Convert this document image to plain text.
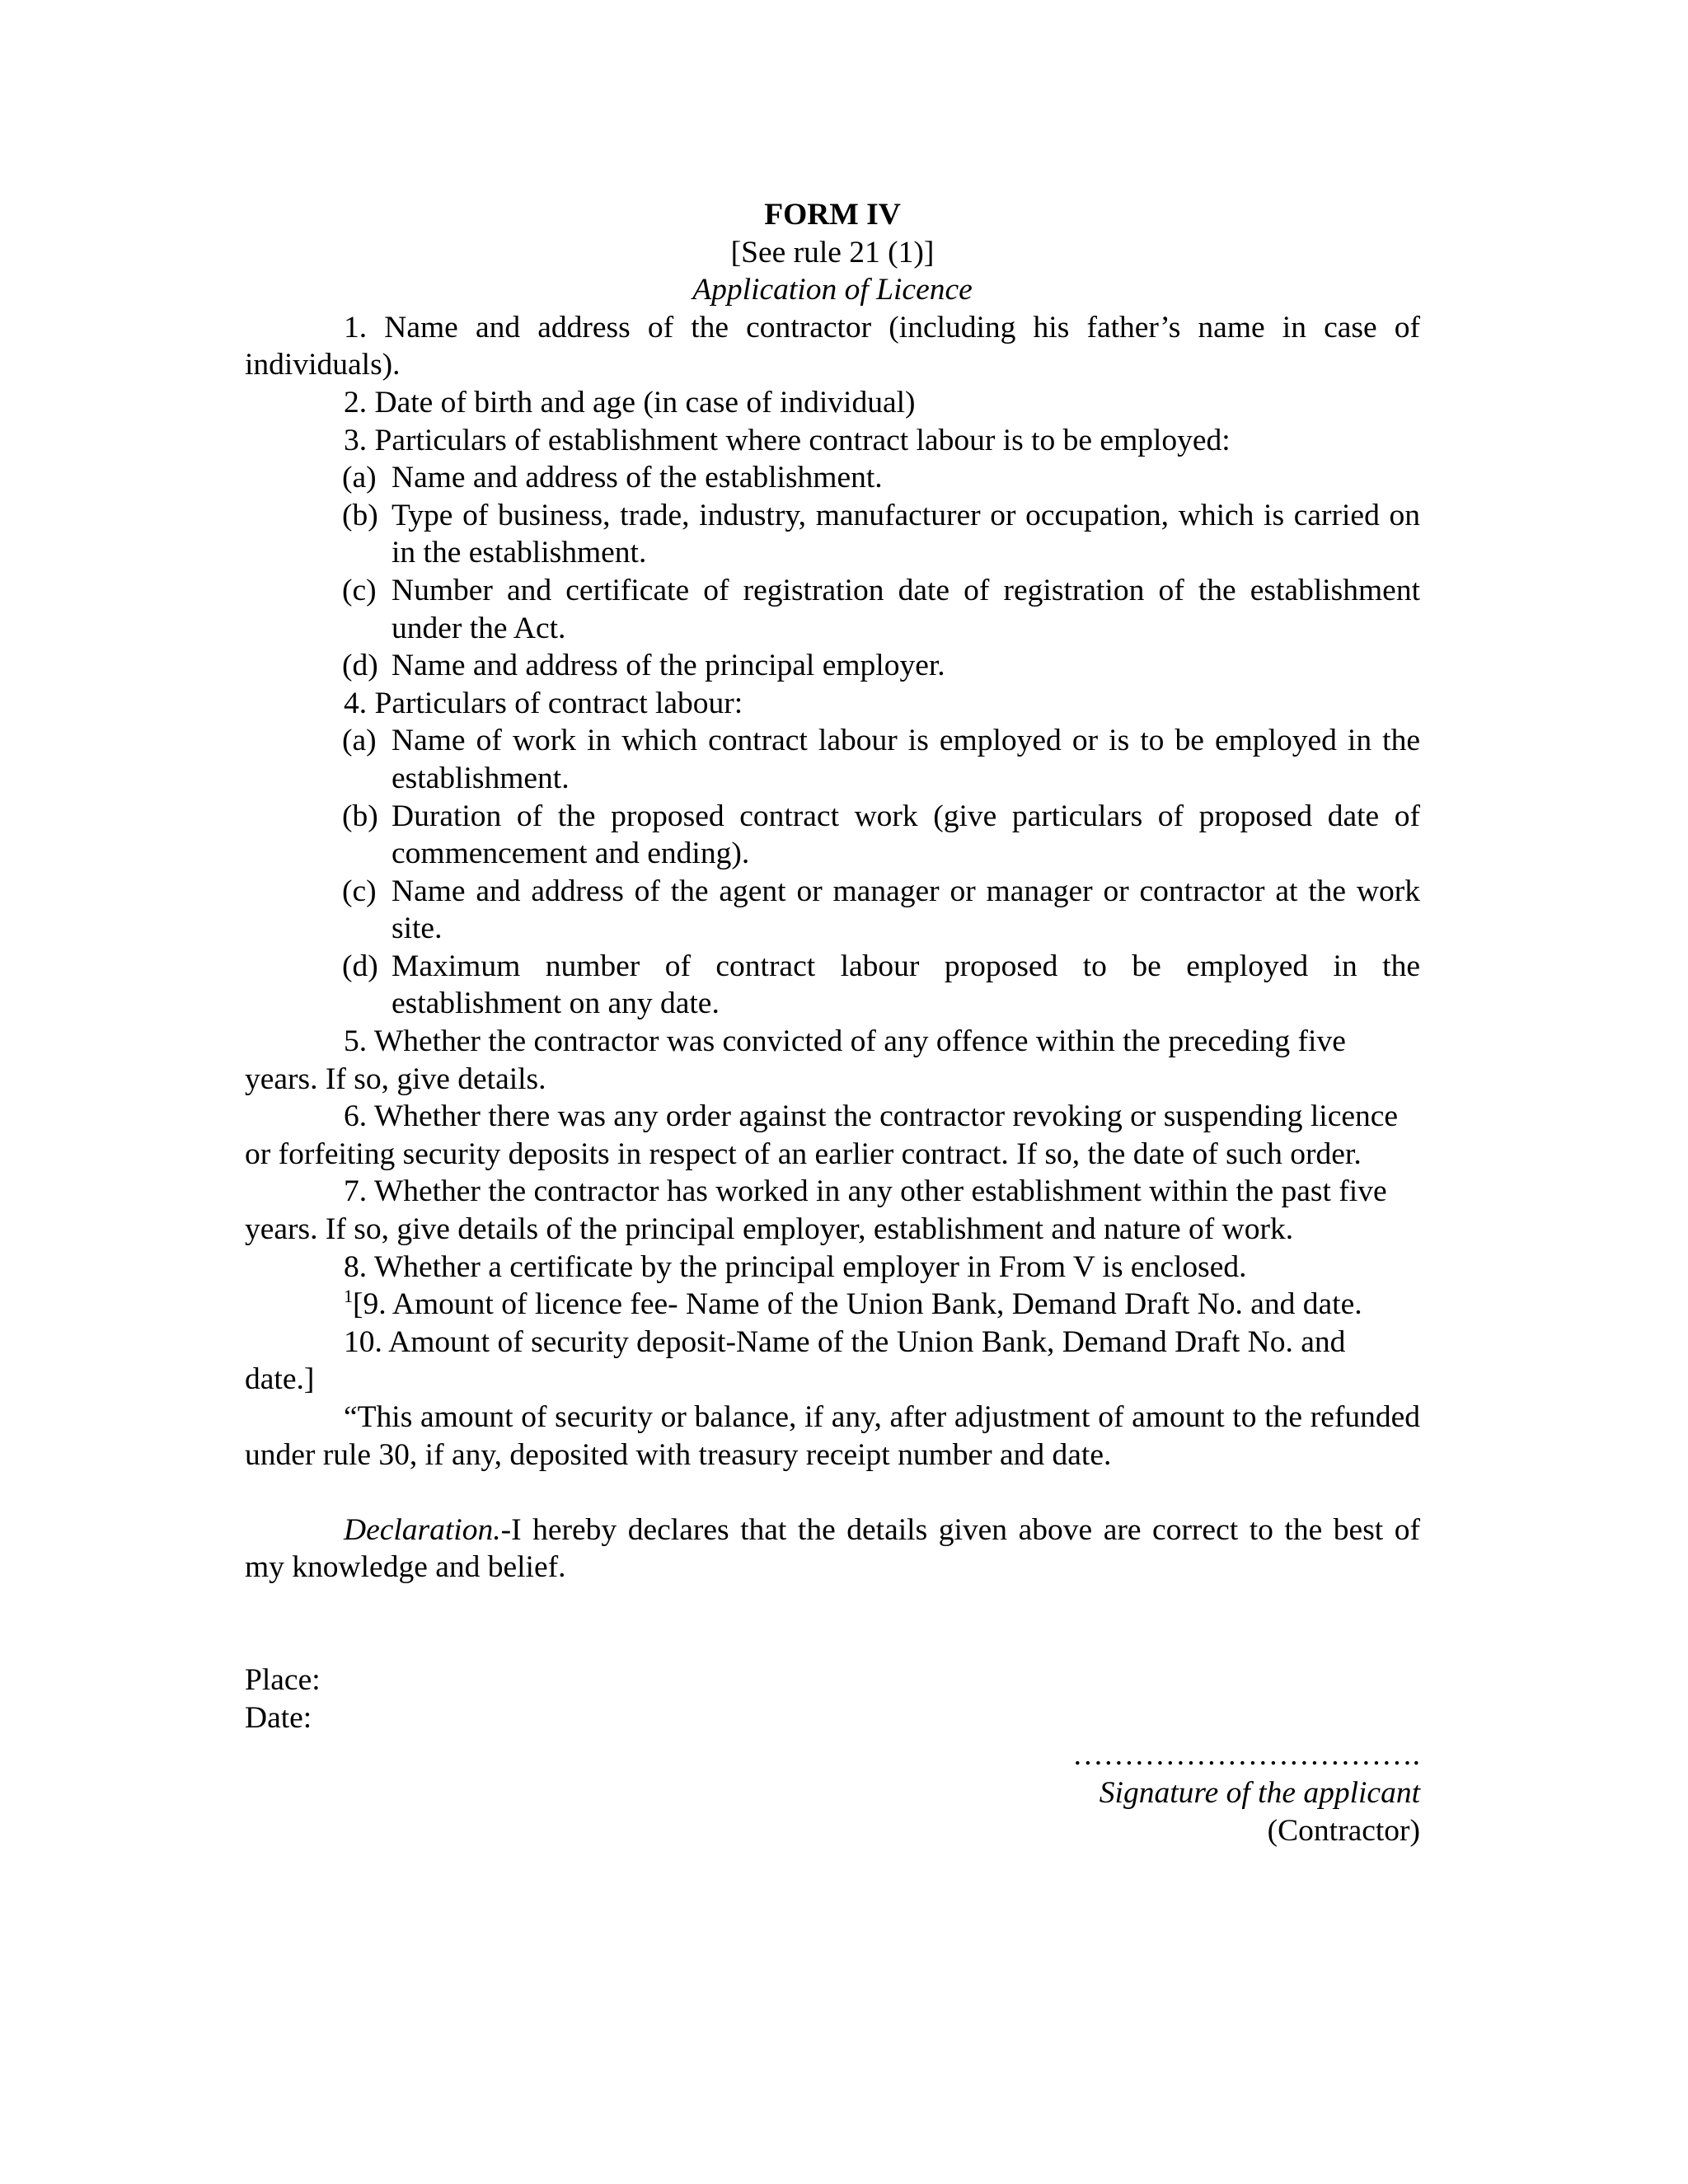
FORM IV
[See rule 21 (1)]
Application of Licence
1. Name and address of the contractor (including his father’s name in case of individuals).
2. Date of birth and age (in case of individual)
3. Particulars of establishment where contract labour is to be employed:
(a) Name and address of the establishment.
(b) Type of business, trade, industry, manufacturer or occupation, which is carried on in the establishment.
(c) Number and certificate of registration date of registration of the establishment under the Act.
(d) Name and address of the principal employer.
4. Particulars of contract labour:
(a) Name of work in which contract labour is employed or is to be employed in the establishment.
(b) Duration of the proposed contract work (give particulars of proposed date of commencement and ending).
(c) Name and address of the agent or manager or manager or contractor at the work site.
(d) Maximum number of contract labour proposed to be employed in the establishment on any date.
5. Whether the contractor was convicted of any offence within the preceding five years. If so, give details.
6. Whether there was any order against the contractor revoking or suspending licence or forfeiting security deposits in respect of an earlier contract. If so, the date of such order.
7. Whether the contractor has worked in any other establishment within the past five years. If so, give details of the principal employer, establishment and nature of work.
8. Whether a certificate by the principal employer in From V is enclosed.
$^1$[9. Amount of licence fee- Name of the Union Bank, Demand Draft No. and date.
10. Amount of security deposit-Name of the Union Bank, Demand Draft No. and date.]
“This amount of security or balance, if any, after adjustment of amount to the refunded under rule 30, if any, deposited with treasury receipt number and date.
Declaration.-I hereby declares that the details given above are correct to the best of my knowledge and belief.
Place:
Date:
…………………………….
Signature of the applicant
(Contractor)
